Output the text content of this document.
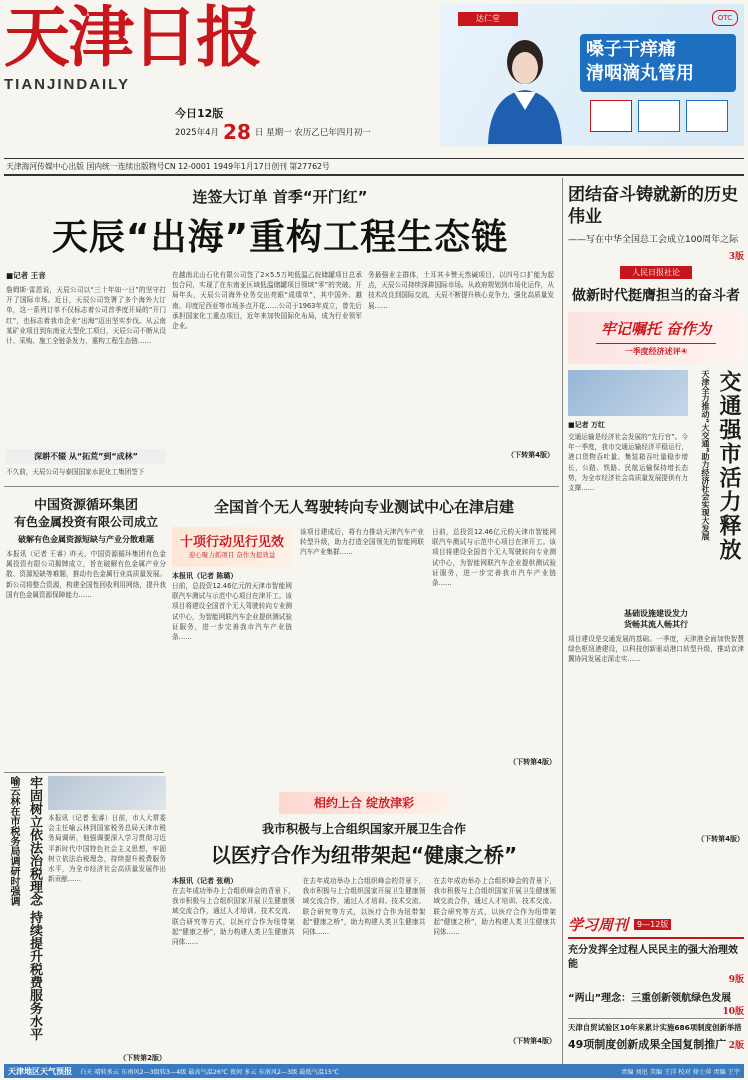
天津日报
TIANJINDAILY
今日12版
2025年4月 28 日 星期一 农历乙巳年四月初一
达仁堂	OTC
嗓子干痒痛
清咽滴丸管用
天津海河传媒中心出版 国内统一连续出版物号CN 12-0001 1949年1月17日创刊 第27762号
连签大订单 首季“开门红”
天辰“出海”重构工程生态链
■记者 王音
詹姆斯·雷恩说，天辰公司以“三十年如一日”的坚守打开了国际市场。近日，天辰公司签署了多个海外大订单，这一系列订单不仅标志着公司首季度开局的“开门红”，也标志着我市企业“出海”迈出坚实步伐。从云南某矿业项目到东南亚大型化工项目，天辰公司不断从设计、采购、施工全链条发力，重构工程生态链……
深耕不辍 从“拓荒”到“成林”
不久前，天辰公司与泰国国家水泥化工集团签下
在越南北山石化有限公司签了2×5.5万吨低温乙烷储罐项目总承包合同，实现了在东南亚区域低温储罐项目领域“零”的突破。开局年头，天辰公司海外业务交出亮眼“成绩单”，其中国外、越南、印度尼西亚等市场多点开花……公司于1963年成立，曾先后承担国家化工重点项目，近年来加快国际化布局，成为行业领军企业。
务最强业主群体，土耳其卡赞天然碱项目，以四号口扩能为起点，天辰公司持续深耕国际市场。从政府规划到市场化运作，从技术改良到国际交流，天辰不断提升核心竞争力，强化高质量发展……
（下转第4版）
团结奋斗铸就新的历史伟业
——写在中华全国总工会成立100周年之际
3版
人民日报社论
做新时代挺膺担当的奋斗者
牢记嘱托 奋作为
一季度经济述评④
■记者 万红
交通运输是经济社会发展的“先行官”。今年一季度，我市交通运输经济平稳运行，港口货物吞吐量、集装箱吞吐量稳步增长，公路、铁路、民航运输保持增长态势，为全市经济社会高质量发展提供有力支撑……	天津全力推动“大交通”助力经济社会实现大发展 交通强市活力释放
基础设施建设发力
货畅其流人畅其行
项目建设是交通发展的基础。一季度，天津港全面加快智慧绿色枢纽港建设，以科技创新驱动港口转型升级，推动京津冀协同发展走深走实……
（下转第4版）
中国资源循环集团
有色金属投资有限公司成立
破解有色金属资源短缺与产业分散难题
本报讯（记者 王睿）昨天，中国资源循环集团有色金属投资有限公司揭牌成立，旨在破解有色金属产业分散、资源短缺等难题，推动有色金属行业高质量发展。新公司将整合资源，构建全国性回收利用网络，提升我国有色金属资源保障能力……
全国首个无人驾驶转向专业测试中心在津启建
十项行动见行见效
迎心聚力抓项目 奋作为提效益
本报讯（记者 陈璐）
日前，总投资12.46亿元的天津市智能网联汽车测试与示范中心项目在津开工。该项目将建设全国首个无人驾驶转向专业测试中心，为智能网联汽车企业提供测试验证服务，进一步完善我市汽车产业链条……
该项目建成后，将有力推动天津汽车产业转型升级，助力打造全国领先的智能网联汽车产业集群……
日前，总投资12.46亿元的天津市智能网联汽车测试与示范中心项目在津开工。该项目将建设全国首个无人驾驶转向专业测试中心，为智能网联汽车企业提供测试验证服务，进一步完善我市汽车产业链条……
（下转第4版）
喻云林在市税务局调研时强调 牢固树立依法治税理念 持续提升税费服务水平 本报讯（记者 张睿）日前，市人大常委会主任喻云林到国家税务总局天津市税务局调研，他强调要深入学习贯彻习近平新时代中国特色社会主义思想，牢固树立依法治税理念，持续提升税费服务水平，为全市经济社会高质量发展作出新贡献……
（下转第2版）
相约上合 绽放津彩
我市积极与上合组织国家开展卫生合作
以医疗合作为纽带架起“健康之桥”
本报讯（记者 张萌）
在去年成功举办上合组织峰会的背景下，我市积极与上合组织国家开展卫生健康领域交流合作，通过人才培训、技术交流、联合研究等方式，以医疗合作为纽带架起“健康之桥”，助力构建人类卫生健康共同体……
在去年成功举办上合组织峰会的背景下，我市积极与上合组织国家开展卫生健康领域交流合作，通过人才培训、技术交流、联合研究等方式，以医疗合作为纽带架起“健康之桥”，助力构建人类卫生健康共同体……
在去年成功举办上合组织峰会的背景下，我市积极与上合组织国家开展卫生健康领域交流合作，通过人才培训、技术交流、联合研究等方式，以医疗合作为纽带架起“健康之桥”，助力构建人类卫生健康共同体……
（下转第4版）
学习周刊	9—12版
充分发挥全过程人民民主的强大治理效能
9版
“两山”理念：三重创新领航绿色发展
10版
天津自贸试验区10年来累计实施686项制度创新举措
49项制度创新成果全国复制推广 2版
天津地区天气预报 白天 晴转多云 东南风2—3级转3—4级 最高气温26℃ 夜间 多云 东南风2—3级 最低气温15℃	责编 刘迅 美编 王洋 校对 徐士萍 责编 王宇
